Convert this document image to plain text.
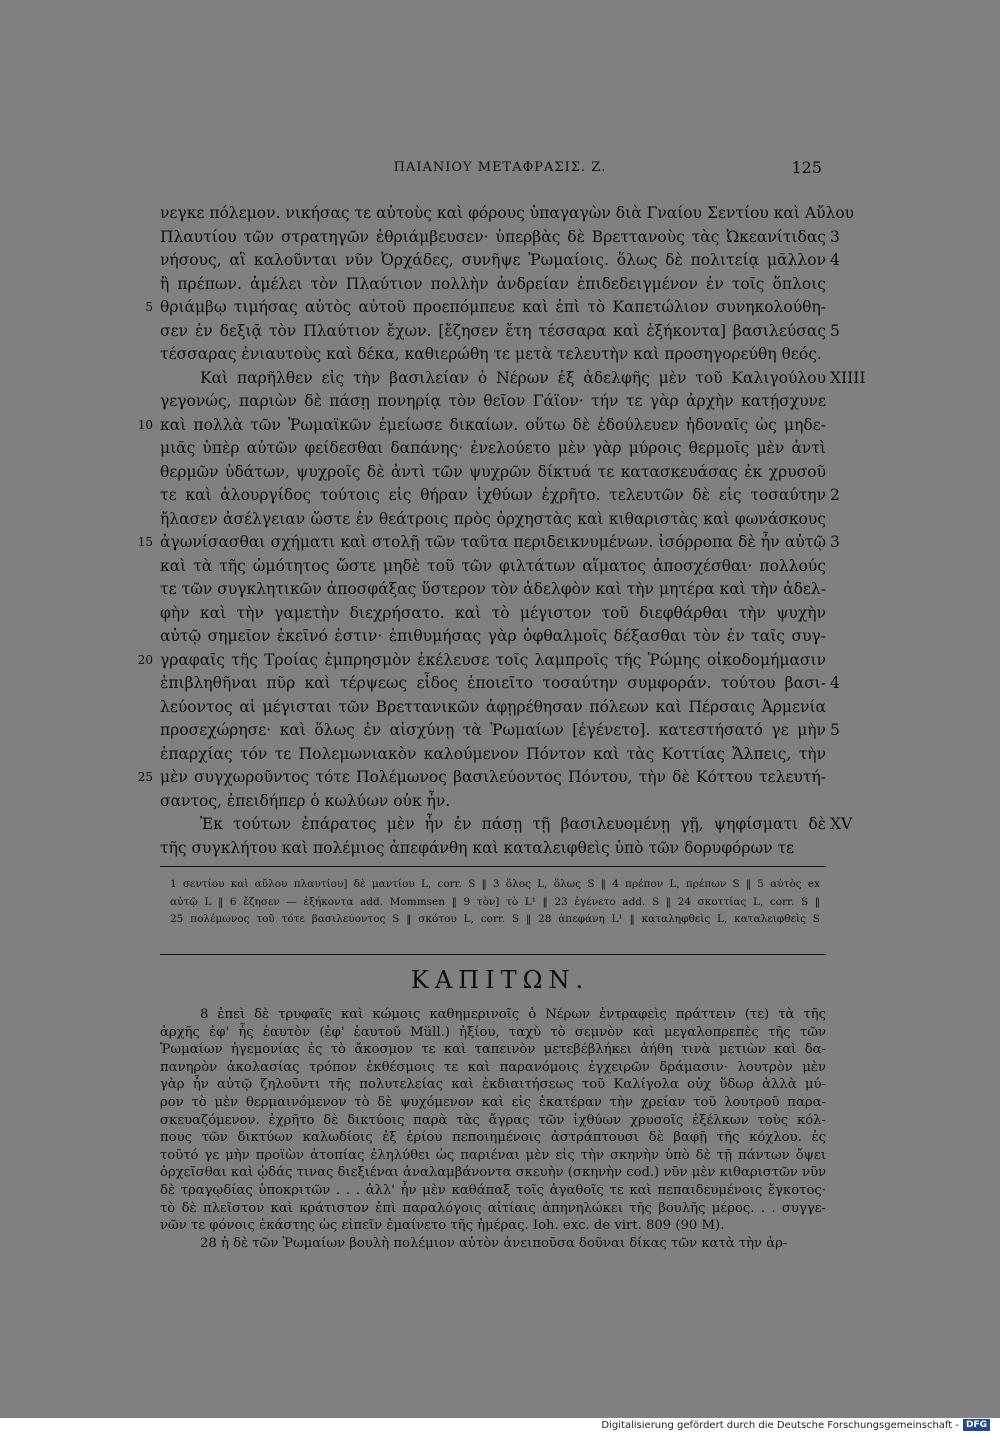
ΠΑΙΑΝΙΟΥ ΜΕΤΑΦΡΑΣΙΣ. Ζ.	125
νεγκε πόλεμον. νικήσας τε αὐτοὺς καὶ φόρους ὑπαγαγὼν διὰ Γναίου Σεντίου καὶ Αὔλου
Πλαυτίου τῶν στρατηγῶν ἐθριάμβευσεν· ὑπερβὰς δὲ Βρεττανοὺς τὰς Ὠκεανίτιδας 3
νήσους, αἳ καλοῦνται νῦν Ὀρχάδες, συνῆψε Ῥωμαίοις. ὅλως δὲ πολιτείᾳ μᾶλλον 4
ἢ πρέπων. ἀμέλει τὸν Πλαύτιον πολλὴν ἀνδρείαν ἐπιδεδειγμένον ἐν τοῖς ὅπλοις
5 θριάμβῳ τιμήσας αὐτὸς αὐτοῦ προεπόμπευε καὶ ἐπὶ τὸ Καπετώλιον συνηκολούθη-
σεν ἐν δεξιᾷ τὸν Πλαύτιον ἔχων. [ἔζησεν ἔτη τέσσαρα καὶ ἑξήκοντα] βασιλεύσας 5
τέσσαρας ἐνιαυτοὺς καὶ δέκα, καθιερώθη τε μετὰ τελευτὴν καὶ προσηγορεύθη θεός.
Καὶ παρῆλθεν εἰς τὴν βασιλείαν ὁ Νέρων ἐξ ἀδελφῆς μὲν τοῦ Καλιγούλου XIIII
γεγονώς, παριὼν δὲ πάσῃ πονηρίᾳ τὸν θεῖον Γάϊον· τήν τε γὰρ ἀρχὴν κατῄσχυνε
10 καὶ πολλὰ τῶν Ῥωμαϊκῶν ἐμείωσε δικαίων. οὕτω δὲ ἐδούλευεν ἡδοναῖς ὡς μηδε-
μιᾶς ὑπὲρ αὐτῶν φείδεσθαι δαπάνης· ἐνελούετο μὲν γὰρ μύροις θερμοῖς μὲν ἀντὶ
θερμῶν ὑδάτων, ψυχροῖς δὲ ἀντὶ τῶν ψυχρῶν δίκτυά τε κατασκευάσας ἐκ χρυσοῦ
τε καὶ ἁλουργίδος τούτοις εἰς θήραν ἰχθύων ἐχρῆτο. τελευτῶν δὲ εἰς τοσαύτην 2
ἤλασεν ἀσέλγειαν ὥστε ἐν θεάτροις πρὸς ὀρχηστὰς καὶ κιθαριστὰς καὶ φωνάσκους
15 ἀγωνίσασθαι σχήματι καὶ στολῇ τῶν ταῦτα περιδεικνυμένων. ἰσόρροπα δὲ ἦν αὐτῷ 3
καὶ τὰ τῆς ὠμότητος ὥστε μηδὲ τοῦ τῶν φιλτάτων αἵματος ἀποσχέσθαι· πολλούς
τε τῶν συγκλητικῶν ἀποσφάξας ὕστερον τὸν ἀδελφὸν καὶ τὴν μητέρα καὶ τὴν ἀδελ-
φὴν καὶ τὴν γαμετὴν διεχρήσατο. καὶ τὸ μέγιστον τοῦ διεφθάρθαι τὴν ψυχὴν
αὐτῷ σημεῖον ἐκεῖνό ἐστιν· ἐπιθυμήσας γὰρ ὀφθαλμοῖς δέξασθαι τὸν ἐν ταῖς συγ-
20 γραφαῖς τῆς Τροίας ἐμπρησμὸν ἐκέλευσε τοῖς λαμπροῖς τῆς Ῥώμης οἰκοδομήμασιν
ἐπιβληθῆναι πῦρ καὶ τέρψεως εἶδος ἐποιεῖτο τοσαύτην συμφοράν. τούτου βασι- 4
λεύοντος αἱ μέγισται τῶν Βρεττανικῶν ἀφῃρέθησαν πόλεων καὶ Πέρσαις Ἀρμενία
προσεχώρησε· καὶ ὅλως ἐν αἰσχύνῃ τὰ Ῥωμαίων [ἐγένετο]. κατεστήσατό γε μὴν 5
ἐπαρχίας τόν τε Πολεμωνιακὸν καλούμενον Πόντον καὶ τὰς Κοττίας Ἄλπεις, τὴν
25 μὲν συγχωροῦντος τότε Πολέμωνος βασιλεύοντος Πόντου, τὴν δὲ Κόττου τελευτή-
σαντος, ἐπειδήπερ ὁ κωλύων οὐκ ἦν.
Ἐκ τούτων ἐπάρατος μὲν ἦν ἐν πάσῃ τῇ βασιλευομένῃ γῇ, ψηφίσματι δὲ XV
τῆς συγκλήτου καὶ πολέμιος ἀπεφάνθη καὶ καταλειφθεὶς ὑπὸ τῶν δορυφόρων τε
1 σεντίου καὶ αὔλου πλαυτίου] δὲ μαντίου L, corr. S ‖ 3 ὅλος L, ὅλως S ‖ 4 πρέπον L, πρέπων S ‖ 5 αὐτὸς ex
αὐτῷ L ‖ 6 ἔζησεν — ἑξήκοντα add. Mommsen ‖ 9 τὸν] τὸ L¹ ‖ 23 ἐγένετο add. S ‖ 24 σκοττίας L, corr. S ‖
25 πολέμωνος τοῦ τότε βασιλεύοντος S ‖ σκότου L, corr. S ‖ 28 ἀπεφάνη L¹ ‖ καταληφθεὶς L, καταλειφθεὶς S
ΚΑΠΙΤΩΝ.
8 ἐπεὶ δὲ τρυφαῖς καὶ κώμοις καθημερινοῖς ὁ Νέρων ἐντραφεὶς πράττειν (τε) τὰ τῆς
ἀρχῆς ἐφ' ἧς ἑαυτὸν (ἐφ' ἑαυτοῦ Müll.) ἠξίου, ταχὺ τὸ σεμνὸν καὶ μεγαλοπρεπὲς τῆς τῶν
Ῥωμαίων ἡγεμονίας ἐς τὸ ἄκοσμον τε καὶ ταπεινὸν μετεβέβλήκει ἀήθη τινὰ μετιὼν καὶ δα-
πανηρὸν ἀκολασίας τρόπον ἐκθέσμοις τε καὶ παρανόμοις ἐγχειρῶν δράμασιν· λουτρὸν μὲν
γὰρ ἦν αὐτῷ ζηλοῦντι τῆς πολυτελείας καὶ ἐκδιαιτήσεως τοῦ Καλίγολα οὐχ ὕδωρ ἀλλὰ μύ-
ρον τὸ μὲν θερμαινόμενον τὸ δὲ ψυχόμενον καὶ εἰς ἑκατέραν τὴν χρείαν τοῦ λουτροῦ παρα-
σκευαζόμενον. ἐχρῆτο δὲ δικτύοις παρὰ τὰς ἄγρας τῶν ἰχθύων χρυσοῖς ἐξέλκων τοὺς κόλ-
πους τῶν δικτύων καλωδίοις ἐξ ἐρίου πεποιημένοις ἀστράπτουσι δὲ βαφῇ τῆς κόχλου. ἐς
τοῦτό γε μὴν προϊὼν ἀτοπίας ἐληλύθει ὡς παριέναι μὲν εἰς τὴν σκηνὴν ὑπὸ δὲ τῇ πάντων ὄψει
ὀρχεῖσθαι καὶ ᾠδάς τινας διεξιέναι ἀναλαμβάνοντα σκευὴν (σκηνὴν cod.) νῦν μὲν κιθαριστῶν νῦν
δὲ τραγῳδίας ὑποκριτῶν . . . ἀλλ' ἦν μὲν καθάπαξ τοῖς ἀγαθοῖς τε καὶ πεπαιδευμένοις ἔγκοτος·
τὸ δὲ πλεῖστον καὶ κράτιστον ἐπὶ παραλόγοις αἰτίαις ἀπηνηλώκει τῆς βουλῆς μέρος. . . συγγε-
νῶν τε φόνοις ἑκάστης ὡς εἰπεῖν ἐμαίνετο τῆς ἡμέρας. Ioh. exc. de virt. 809 (90 M).
28 ἡ δὲ τῶν Ῥωμαίων βουλὴ πολέμιον αὐτὸν ἀνειποῦσα δοῦναι δίκας τῶν κατὰ τὴν ἀρ-
Digitalisierung gefördert durch die Deutsche Forschungsgemeinschaft - DFG
